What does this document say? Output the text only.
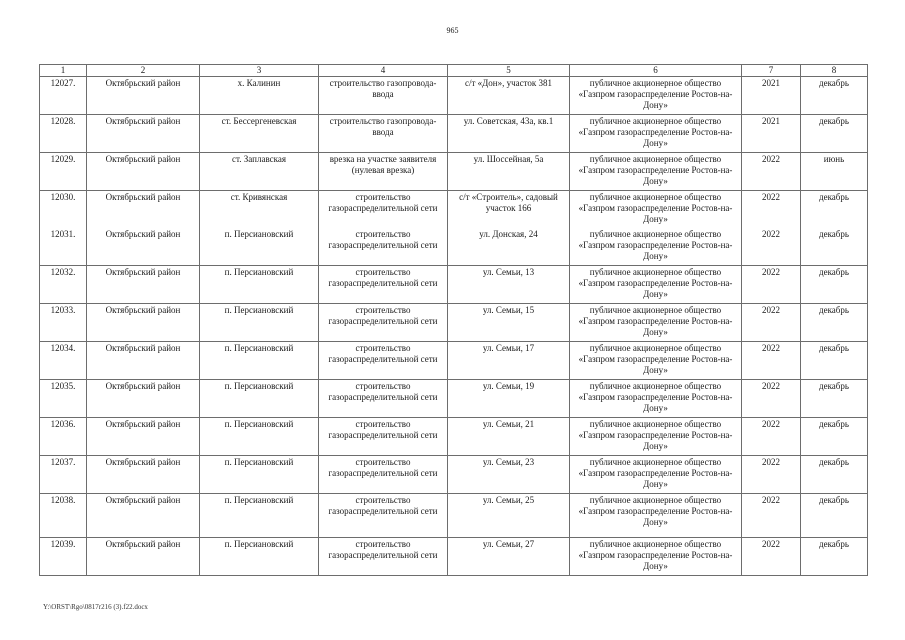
965
1	2	3	4	5	6	7	8
12027.	Октябрьский район	х. Калинин	строительство газопровода-ввода	с/т «Дон», участок 381	публичное акционерное общество «Газпром газораспределение Ростов-на-Дону»	2021	декабрь
12028.	Октябрьский район	ст. Бессергеневская	строительство газопровода-ввода	ул. Советская, 43а, кв.1	публичное акционерное общество «Газпром газораспределение Ростов-на-Дону»	2021	декабрь
12029.	Октябрьский район	ст. Заплавская	врезка на участке заявителя (нулевая врезка)	ул. Шоссейная, 5а	публичное акционерное общество «Газпром газораспределение Ростов-на-Дону»	2022	июнь
12030.	Октябрьский район	ст. Кривянская	строительство газораспределительной сети	с/т «Строитель», садовый участок 166	публичное акционерное общество «Газпром газораспределение Ростов-на-Дону»	2022	декабрь
12031.	Октябрьский район	п. Персиановский	строительство газораспределительной сети	ул. Донская, 24	публичное акционерное общество «Газпром газораспределение Ростов-на-Дону»	2022	декабрь
12032.	Октябрьский район	п. Персиановский	строительство газораспределительной сети	ул. Семьи, 13	публичное акционерное общество «Газпром газораспределение Ростов-на-Дону»	2022	декабрь
12033.	Октябрьский район	п. Персиановский	строительство газораспределительной сети	ул. Семьи, 15	публичное акционерное общество «Газпром газораспределение Ростов-на-Дону»	2022	декабрь
12034.	Октябрьский район	п. Персиановский	строительство газораспределительной сети	ул. Семьи, 17	публичное акционерное общество «Газпром газораспределение Ростов-на-Дону»	2022	декабрь
12035.	Октябрьский район	п. Персиановский	строительство газораспределительной сети	ул. Семьи, 19	публичное акционерное общество «Газпром газораспределение Ростов-на-Дону»	2022	декабрь
12036.	Октябрьский район	п. Персиановский	строительство газораспределительной сети	ул. Семьи, 21	публичное акционерное общество «Газпром газораспределение Ростов-на-Дону»	2022	декабрь
12037.	Октябрьский район	п. Персиановский	строительство газораспределительной сети	ул. Семьи, 23	публичное акционерное общество «Газпром газораспределение Ростов-на-Дону»	2022	декабрь
12038.	Октябрьский район	п. Персиановский	строительство газораспределительной сети	ул. Семьи, 25	публичное акционерное общество «Газпром газораспределение Ростов-на-Дону»	2022	декабрь
12039.	Октябрьский район	п. Персиановский	строительство газораспределительной сети	ул. Семьи, 27	публичное акционерное общество «Газпром газораспределение Ростов-на-Дону»	2022	декабрь
Y:\ORST\Rgo\0817r216 (3).f22.docx
